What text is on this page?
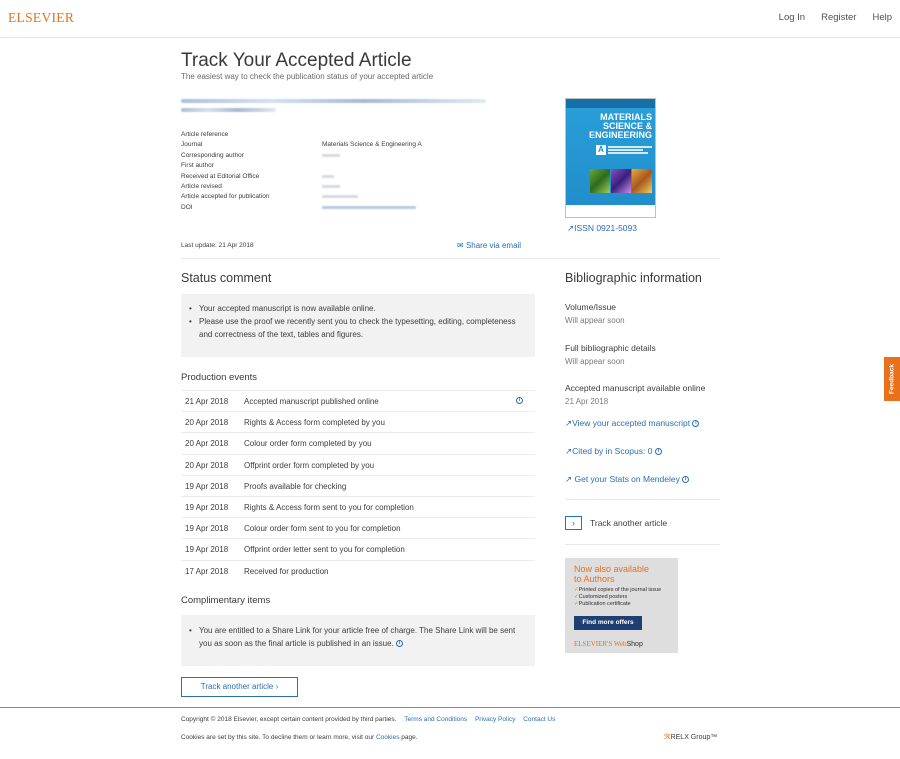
ELSEVIER	Log In Register Help
Track Your Accepted Article
The easiest way to check the publication status of your accepted article
Article reference
Journal	Materials Science & Engineering A
Corresponding author
First author
Received at Editorial Office
Article revised
Article accepted for publication
DOI
MATERIALS
SCIENCE &
ENGINEERING
A
↗ISSN 0921-5093
Last update: 21 Apr 2018	✉ Share via email
Status comment
• Your accepted manuscript is now available online.
• Please use the proof we recently sent you to check the typesetting, editing, completeness and correctness of the text, tables and figures.
Production events
21 Apr 2018 Accepted manuscript published online	i
20 Apr 2018 Rights & Access form completed by you
20 Apr 2018 Colour order form completed by you
20 Apr 2018 Offprint order form completed by you
19 Apr 2018 Proofs available for checking
19 Apr 2018 Rights & Access form sent to you for completion
19 Apr 2018 Colour order form sent to you for completion
19 Apr 2018 Offprint order letter sent to you for completion
17 Apr 2018 Received for production
Complimentary items
• You are entitled to a Share Link for your article free of charge. The Share Link will be sent you as soon as the final article is published in an issue. i
Track another article ›
Bibliographic information
Volume/Issue
Will appear soon
Full bibliographic details
Will appear soon
Accepted manuscript available online
21 Apr 2018
↗View your accepted manuscript i
↗Cited by in Scopus: 0 i
↗ Get your Stats on Mendeley i
›	Track another article
Now also available
to Authors
✓Printed copies of the journal issue
✓Customized posters
✓Publication certificate
Find more offers
ELSEVIER'S WebShop
Feedback
Copyright © 2018 Elsevier, except certain content provided by third parties. Terms and Conditions Privacy Policy Contact Us
Cookies are set by this site. To decline them or learn more, visit our Cookies page.	ℛRELX Group™
